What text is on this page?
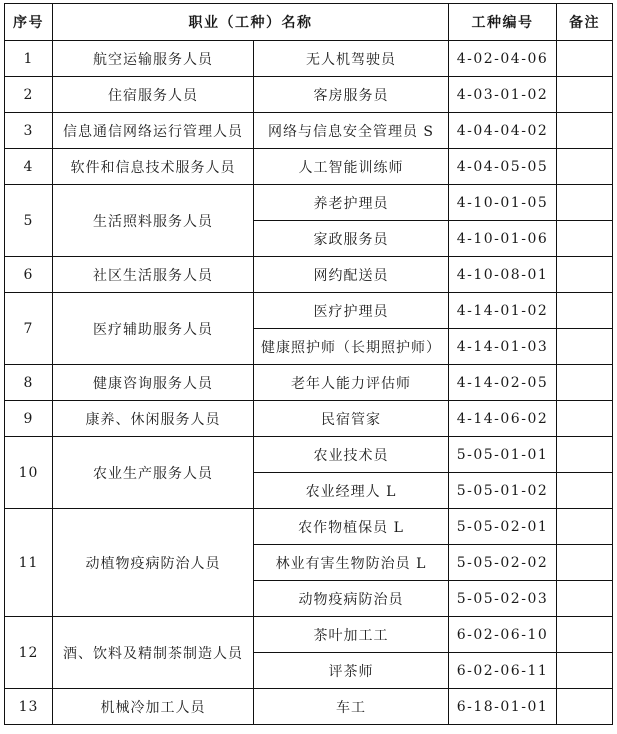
序号	职业（工种）名称		工种编号	备注
1	航空运输服务人员	无人机驾驶员	4-02-04-06	
2	住宿服务人员	客房服务员	4-03-01-02	
3	信息通信网络运行管理人员	网络与信息安全管理员 S	4-04-04-02	
4	软件和信息技术服务人员	人工智能训练师	4-04-05-05	
5	生活照料服务人员	养老护理员	4-10-01-05	
		家政服务员	4-10-01-06	
6	社区生活服务人员	网约配送员	4-10-08-01	
7	医疗辅助服务人员	医疗护理员	4-14-01-02	
		健康照护师（长期照护师）	4-14-01-03	
8	健康咨询服务人员	老年人能力评估师	4-14-02-05	
9	康养、休闲服务人员	民宿管家	4-14-06-02	
10	农业生产服务人员	农业技术员	5-05-01-01	
		农业经理人 L	5-05-01-02	
11	动植物疫病防治人员	农作物植保员 L	5-05-02-01	
		林业有害生物防治员 L	5-05-02-02	
		动物疫病防治员	5-05-02-03	
12	酒、饮料及精制茶制造人员	茶叶加工工	6-02-06-10	
		评茶师	6-02-06-11	
13	机械冷加工人员	车工	6-18-01-01	
